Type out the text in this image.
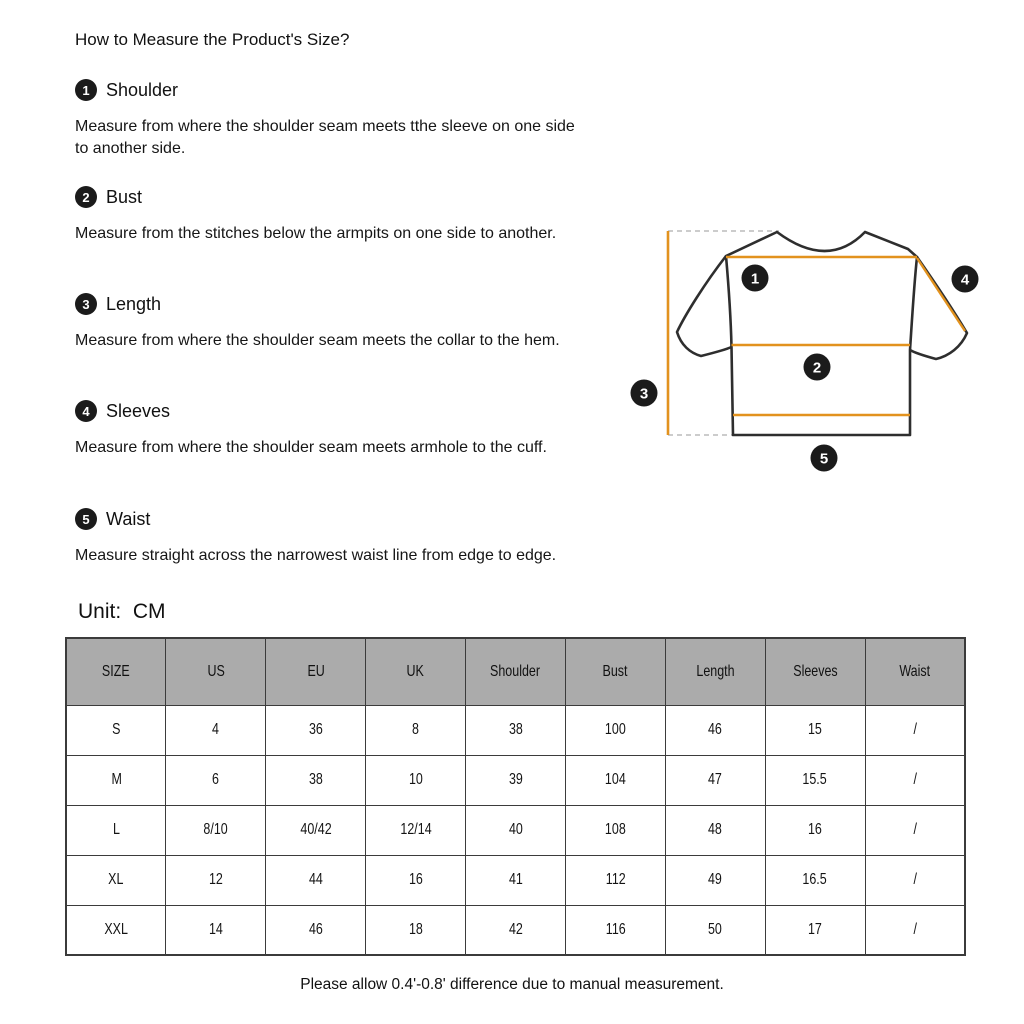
How to Measure the Product's Size?
1 Shoulder

Measure from where the shoulder seam meets tthe sleeve on one side to another side.

2 Bust

Measure from the stitches below the armpits on one side to another.

3 Length

Measure from where the shoulder seam meets the collar to the hem.

4 Sleeves

Measure from where the shoulder seam meets armhole to the cuff.

5 Waist

Measure straight across the narrowest waist line from edge to edge.

1
2
3
4
5
Unit:  CM
SIZE	US	EU	UK	Shoulder	Bust	Length	Sleeves	Waist
S	4	36	8	38	100	46	15	/
M	6	38	10	39	104	47	15.5	/
L	8/10	40/42	12/14	40	108	48	16	/
XL	12	44	16	41	112	49	16.5	/
XXL	14	46	18	42	116	50	17	/
Please allow 0.4'-0.8' difference due to manual measurement.
